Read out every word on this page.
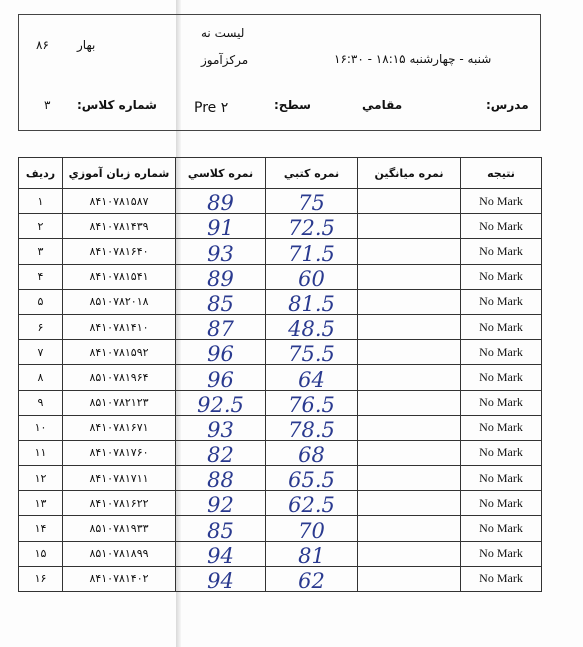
لیست نه
مرکزآموز	شنبه - چهارشنبه ۱۸:۱۵ - ۱۶:۳۰
بهار
۸۶
شماره کلاس:
۳	سطح:
Pre ۲	مدرس:
مقامي
رديف	شماره زبان آموزي	نمره كلاسي	نمره كتبي	نمره ميانگين	نتيجه
۱	۸۴۱۰۷۸۱۵۸۷	89	75		No Mark
۲	۸۴۱۰۷۸۱۴۳۹	91	72.5		No Mark
۳	۸۴۱۰۷۸۱۶۴۰	93	71.5		No Mark
۴	۸۴۱۰۷۸۱۵۴۱	89	60		No Mark
۵	۸۵۱۰۷۸۲۰۱۸	85	81.5		No Mark
۶	۸۴۱۰۷۸۱۴۱۰	87	48.5		No Mark
۷	۸۴۱۰۷۸۱۵۹۲	96	75.5		No Mark
۸	۸۵۱۰۷۸۱۹۶۴	96	64		No Mark
۹	۸۵۱۰۷۸۲۱۲۳	92.5	76.5		No Mark
۱۰	۸۴۱۰۷۸۱۶۷۱	93	78.5		No Mark
۱۱	۸۴۱۰۷۸۱۷۶۰	82	68		No Mark
۱۲	۸۴۱۰۷۸۱۷۱۱	88	65.5		No Mark
۱۳	۸۴۱۰۷۸۱۶۲۲	92	62.5		No Mark
۱۴	۸۵۱۰۷۸۱۹۳۳	85	70		No Mark
۱۵	۸۵۱۰۷۸۱۸۹۹	94	81		No Mark
۱۶	۸۴۱۰۷۸۱۴۰۲	94	62		No Mark
